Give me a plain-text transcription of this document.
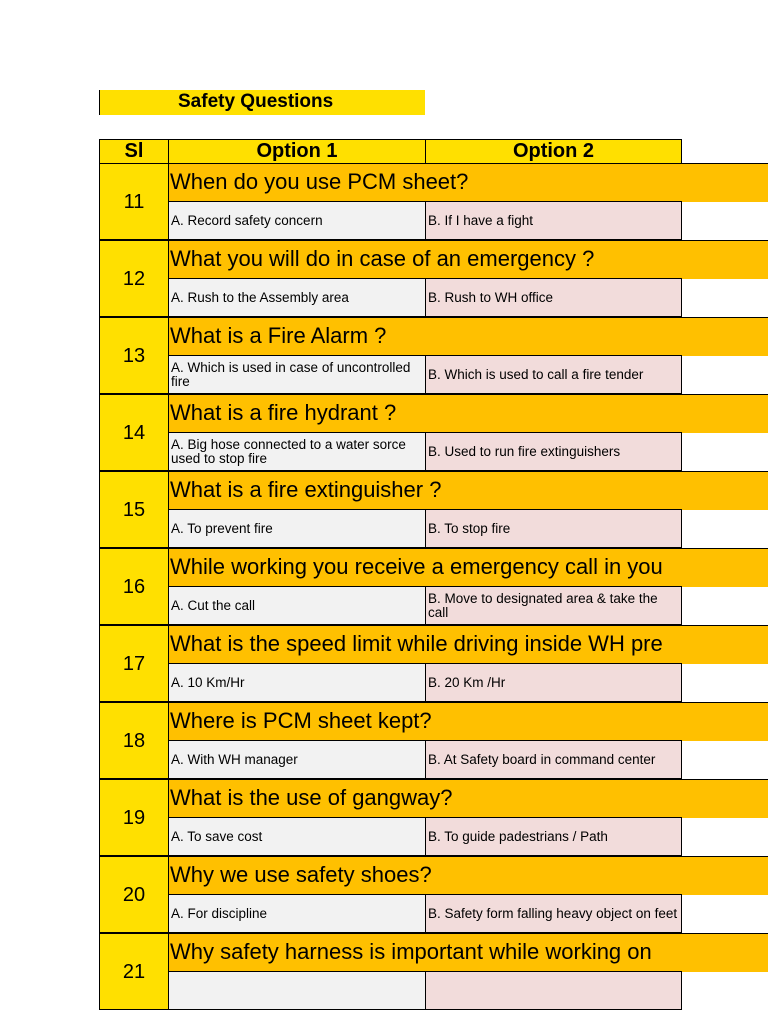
Safety Questions
Sl	Option 1	Option 2
11
When do you use PCM sheet?
A. Record safety concern	B. If I have a fight
12
What you will do in case of an emergency ?
A. Rush to the Assembly area	B. Rush to WH office
13
What is a Fire Alarm ?
A. Which is used in case of uncontrolled fire	B. Which is used to call a fire tender
14
What is a fire hydrant ?
A. Big hose connected to a water sorce used to stop fire	B. Used to run fire extinguishers
15
What is a fire extinguisher ?
A. To prevent fire	B. To stop fire
16
While working you receive a emergency call in you
A. Cut the call	B. Move to designated area & take the call
17
What is the speed limit while driving inside WH pre
A. 10 Km/Hr	B. 20 Km /Hr
18
Where is PCM sheet kept?
A. With WH manager	B. At Safety board in command center
19
What is the use of gangway?
A. To save cost	B. To guide padestrians / Path
20
Why we use safety shoes?
A. For discipline	B. Safety form falling heavy object on feet
21
Why safety harness is important while working on
